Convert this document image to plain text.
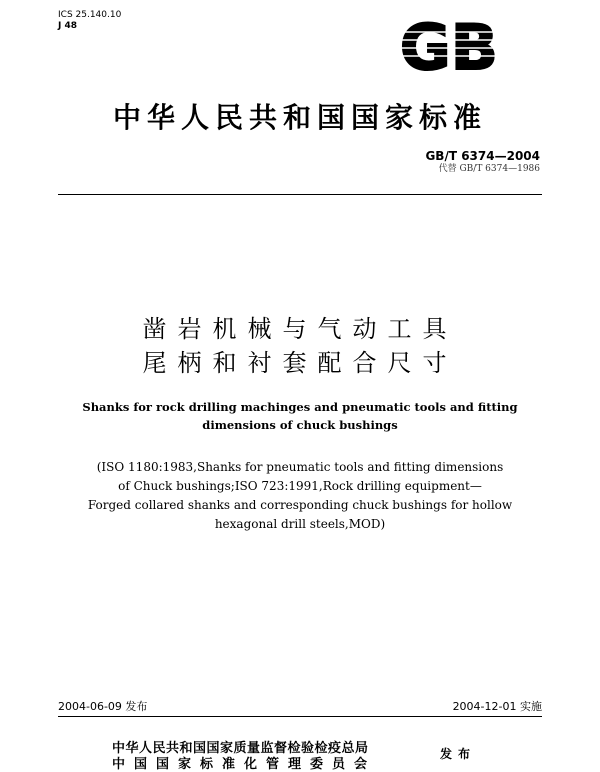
ICS 25.140.10
J 48	GB
中华人民共和国国家标准
GB/T 6374—2004
代替 GB/T 6374—1986
凿岩机械与气动工具
尾柄和衬套配合尺寸
Shanks for rock drilling machinges and pneumatic tools and fitting
dimensions of chuck bushings
(ISO 1180:1983,Shanks for pneumatic tools and fitting dimensions
of Chuck bushings;ISO 723:1991,Rock drilling equipment—
Forged collared shanks and corresponding chuck bushings for hollow
hexagonal drill steels,MOD)
2004-06-09 发布	2004-12-01 实施
中华人民共和国国家质量监督检验检疫总局
中国国家标准化管理委员会
发布
